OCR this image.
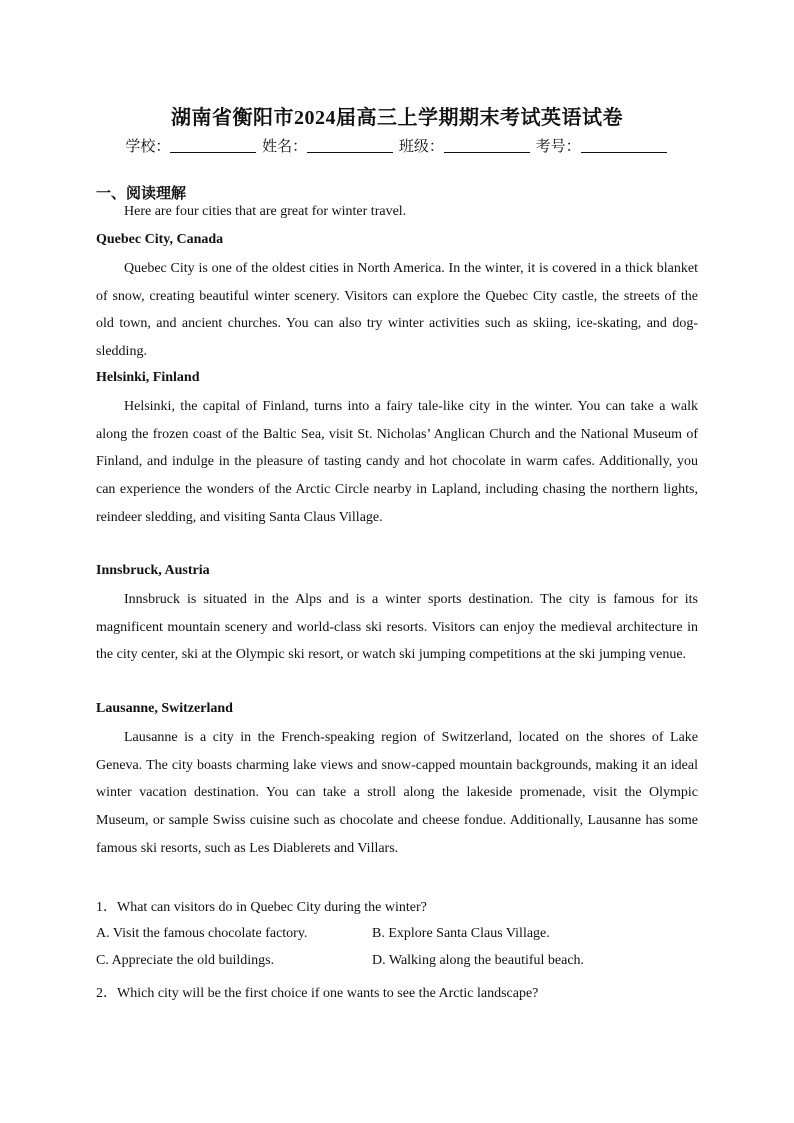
湖南省衡阳市2024届高三上学期期末考试英语试卷
学校：	姓名：	班级：	考号：
一、阅读理解
Here are four cities that are great for winter travel.
Quebec City, Canada
Quebec City is one of the oldest cities in North America. In the winter, it is covered in a thick blanket of snow, creating beautiful winter scenery. Visitors can explore the Quebec City castle, the streets of the old town, and ancient churches. You can also try winter activities such as skiing, ice-skating, and dog-sledding.
Helsinki, Finland
Helsinki, the capital of Finland, turns into a fairy tale-like city in the winter. You can take a walk along the frozen coast of the Baltic Sea, visit St. Nicholas’ Anglican Church and the National Museum of Finland, and indulge in the pleasure of tasting candy and hot chocolate in warm cafes. Additionally, you can experience the wonders of the Arctic Circle nearby in Lapland, including chasing the northern lights, reindeer sledding, and visiting Santa Claus Village.
Innsbruck, Austria
Innsbruck is situated in the Alps and is a winter sports destination. The city is famous for its magnificent mountain scenery and world-class ski resorts. Visitors can enjoy the medieval architecture in the city center, ski at the Olympic ski resort, or watch ski jumping competitions at the ski jumping venue.
Lausanne, Switzerland
Lausanne is a city in the French-speaking region of Switzerland, located on the shores of Lake Geneva. The city boasts charming lake views and snow-capped mountain backgrounds, making it an ideal winter vacation destination. You can take a stroll along the lakeside promenade, visit the Olympic Museum, or sample Swiss cuisine such as chocolate and cheese fondue. Additionally, Lausanne has some famous ski resorts, such as Les Diablerets and Villars.
1．What can visitors do in Quebec City during the winter?
A. Visit the famous chocolate factory.	B. Explore Santa Claus Village.
C. Appreciate the old buildings.	D. Walking along the beautiful beach.
2．Which city will be the first choice if one wants to see the Arctic landscape?
